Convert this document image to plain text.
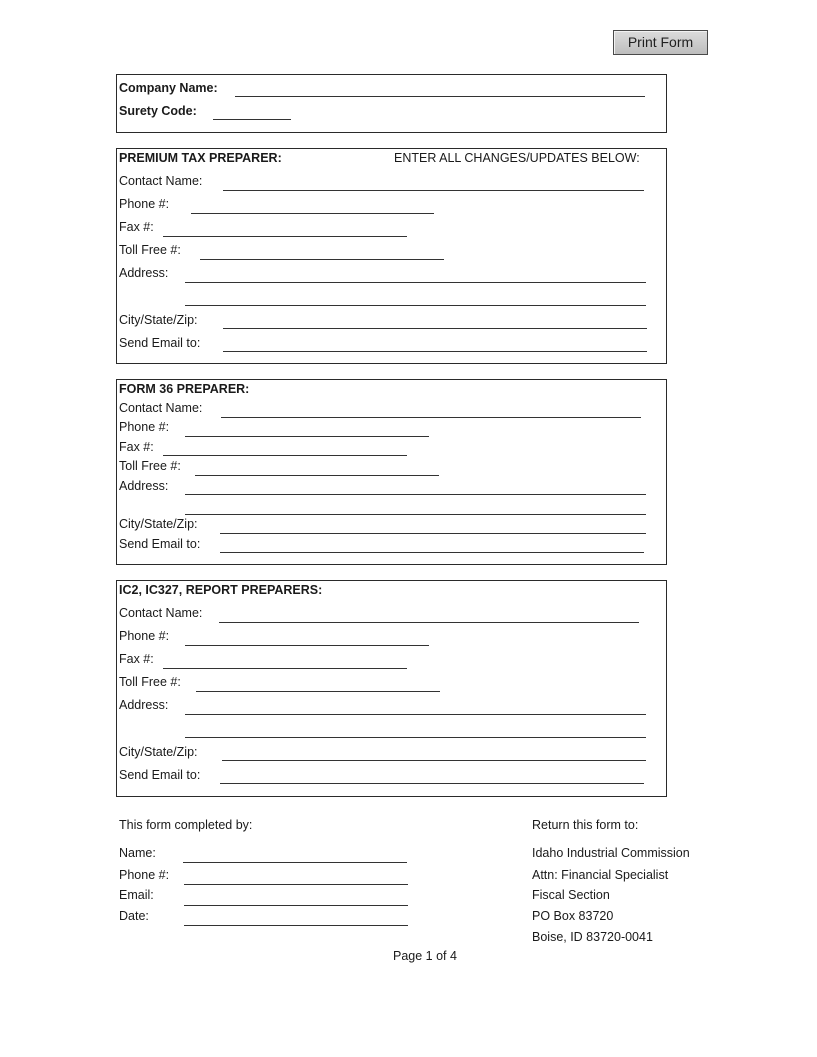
Print Form
Company Name:
Surety Code:
PREMIUM TAX PREPARER:	ENTER ALL CHANGES/UPDATES BELOW:
Contact Name:
Phone #:
Fax #:
Toll Free #:
Address:
City/State/Zip:
Send Email to:
FORM 36 PREPARER:
Contact Name:
Phone #:
Fax #:
Toll Free #:
Address:
City/State/Zip:
Send Email to:
IC2, IC327, REPORT PREPARERS:
Contact Name:
Phone #:
Fax #:
Toll Free #:
Address:
City/State/Zip:
Send Email to:
This form completed by:
Name:
Phone #:
Email:
Date:
Return this form to:
Idaho Industrial Commission
Attn: Financial Specialist
Fiscal Section
PO Box 83720
Boise, ID 83720-0041
Page 1 of 4
